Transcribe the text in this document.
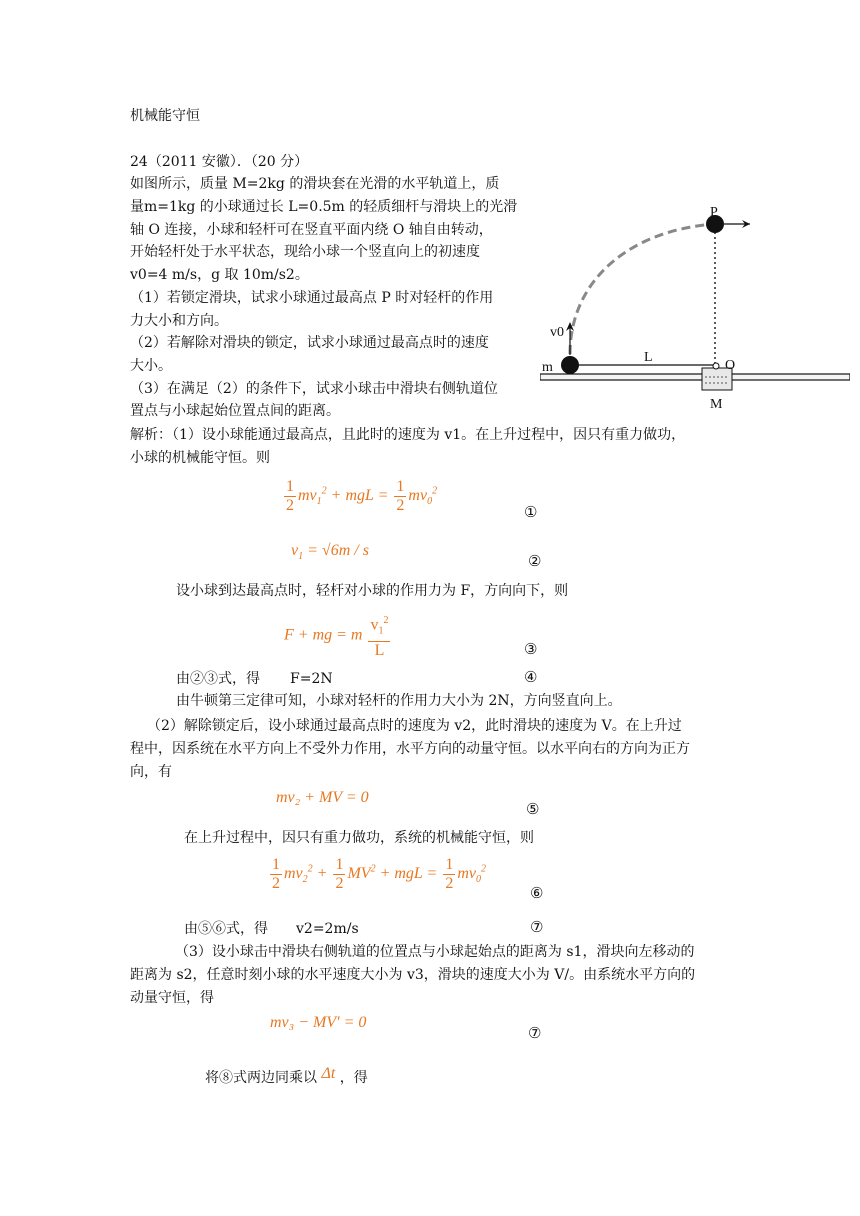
机械能守恒

24（2011 安徽）．（20 分）

如图所示，质量 M=2kg 的滑块套在光滑的水平轨道上，质

量m=1kg 的小球通过长 L=0.5m 的轻质细杆与滑块上的光滑

轴 O 连接，小球和轻杆可在竖直平面内绕 O 轴自由转动，

开始轻杆处于水平状态，现给小球一个竖直向上的初速度

v0=4 m/s，g 取 10m/s2。

（1）若锁定滑块，试求小球通过最高点 P 时对轻杆的作用

力大小和方向。

（2）若解除对滑块的锁定，试求小球通过最高点时的速度

大小。

（3）在满足（2）的条件下，试求小球击中滑块右侧轨道位

置点与小球起始位置点间的距离。

P
v0
m
L
O
M

解析：（1）设小球能通过最高点，且此时的速度为 v1。在上升过程中，因只有重力做功，

小球的机械能守恒。则

$\frac{1}{2} mv_1^2$ + mgL = $\frac{1}{2} mv_0^2$
①
$v_1 = √6m / s$
②

设小球到达最高点时，轻杆对小球的作用力为 F，方向向下，则

F + mg = m $\frac{v_1^2}{L}$	③

由②③式，得 F=2N	④

由牛顿第三定律可知，小球对轻杆的作用力大小为 2N，方向竖直向上。

（2）解除锁定后，设小球通过最高点时的速度为 v2，此时滑块的速度为 V。在上升过

程中，因系统在水平方向上不受外力作用，水平方向的动量守恒。以水平向右的方向为正方

向，有

mv₂ + MV = 0
⑤

在上升过程中，因只有重力做功，系统的机械能守恒，则

$\frac{1}{2} mv_2^2 + \frac{1}{2} MV^2$ + mgL = $\frac{1}{2} mv_0^2$
⑥

由⑤⑥式，得 v2=2m/s	⑦

（3）设小球击中滑块右侧轨道的位置点与小球起始点的距离为 s1，滑块向左移动的

距离为 s2，任意时刻小球的水平速度大小为 v3，滑块的速度大小为 V/。由系统水平方向的

动量守恒，得

mv₃ − MV′ = 0
⑦

将⑧式两边同乘以 Δt ，得
